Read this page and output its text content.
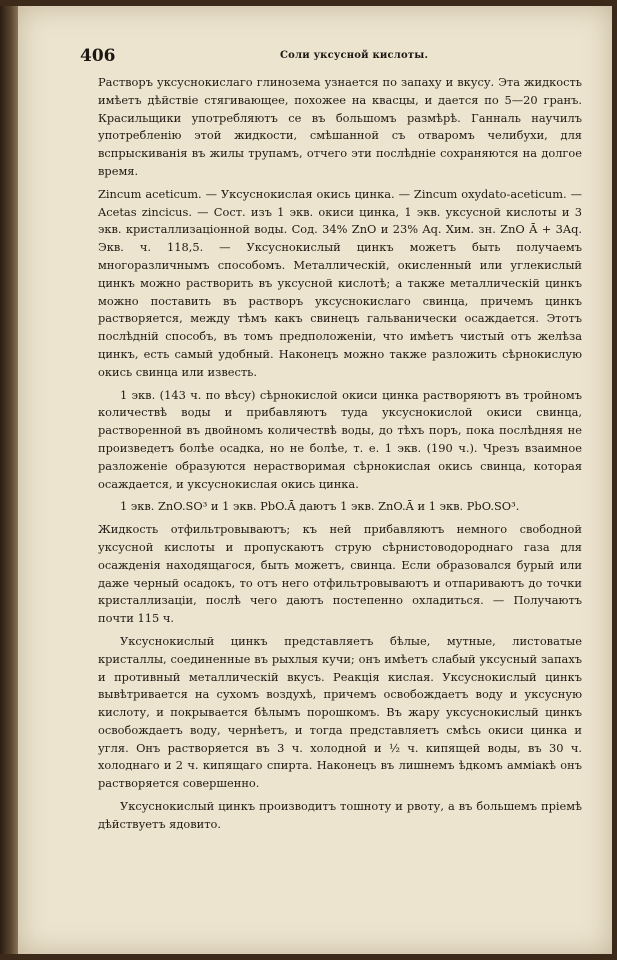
406	Соли уксусной кислоты.

Растворъ уксуснокислаго глинозема узнается по запаху и вкусу. Эта жидкость имѣетъ дѣйствіе стягивающее, похожее на квасцы, и дается по 5—20 гранъ. Красильщики употребляютъ се въ большомъ размѣрѣ. Ганналь научилъ употребленію этой жидкости, смѣшанной съ отваромъ челибухи, для вспрыскиванія въ жилы трупамъ, отчего эти послѣдніе сохраняются на долгое время.

Zincum aceticum. — Уксуснокислая окись цинка. — Zincum oxydato-aceticum. — Acetas zincicus. — Сост. изъ 1 экв. окиси цинка, 1 экв. уксусной кислоты и 3 экв. кристаллизаціонной воды. Сод. 34% ZnO и 23% Aq. Хим. зн. ZnO Ā + 3Aq. Экв. ч. 118,5. — Уксуснокислый цинкъ можетъ быть получаемъ многоразличнымъ способомъ. Металлическій, окисленный или углекислый цинкъ можно растворить въ уксусной кислотѣ; а также металлическій цинкъ можно поставить въ растворъ уксуснокислаго свинца, причемъ цинкъ растворяется, между тѣмъ какъ свинецъ гальванически осаждается. Этотъ послѣдній способъ, въ томъ предположеніи, что имѣетъ чистый отъ желѣза цинкъ, есть самый удобный. Наконецъ можно также разложить сѣрнокислую окись свинца или известь.

1 экв. (143 ч. по вѣсу) сѣрнокислой окиси цинка растворяютъ въ тройномъ количествѣ воды и прибавляютъ туда уксуснокислой окиси свинца, растворенной въ двойномъ количествѣ воды, до тѣхъ поръ, пока послѣдняя не произведетъ болѣе осадка, но не болѣе, т. е. 1 экв. (190 ч.). Чрезъ взаимное разложеніе образуются нерастворимая сѣрнокислая окись свинца, которая осаждается, и уксуснокислая окись цинка.

1 экв. ZnO.SO³ и 1 экв. PbO.Ā даютъ 1 экв. ZnO.Ā и 1 экв. PbO.SO³.

Жидкость отфильтровываютъ; къ ней прибавляютъ немного свободной уксусной кислоты и пропускаютъ струю сѣрнистоводороднаго газа для осажденія находящагося, быть можетъ, свинца. Если образовался бурый или даже черный осадокъ, то отъ него отфильтровываютъ и отпариваютъ до точки кристаллизаціи, послѣ чего даютъ постепенно охладиться. — Получаютъ почти 115 ч.

Уксуснокислый цинкъ представляетъ бѣлые, мутные, листоватые кристаллы, соединенные въ рыхлыя кучи; онъ имѣетъ слабый уксусный запахъ и противный металлическій вкусъ. Реакція кислая. Уксуснокислый цинкъ вывѣтривается на сухомъ воздухѣ, причемъ освобождаетъ воду и уксусную кислоту, и покрывается бѣлымъ порошкомъ. Въ жару уксуснокислый цинкъ освобождаетъ воду, чернѣетъ, и тогда представляетъ смѣсь окиси цинка и угля. Онъ растворяется въ 3 ч. холодной и ½ ч. кипящей воды, въ 30 ч. холоднаго и 2 ч. кипящаго спирта. Наконецъ въ лишнемъ ѣдкомъ аммiакѣ онъ растворяется совершенно.

Уксуснокислый цинкъ производитъ тошноту и рвоту, а въ большемъ пріемѣ дѣйствуетъ ядовито.
